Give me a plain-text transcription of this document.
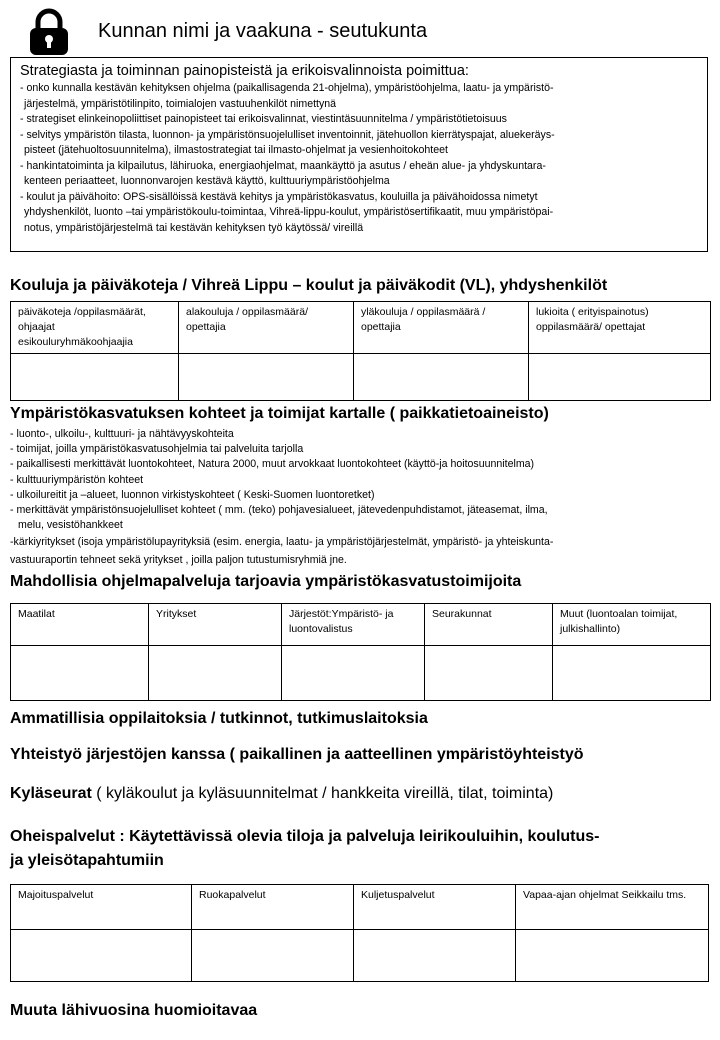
Kunnan nimi ja vaakuna - seutukunta
Strategiasta ja toiminnan painopisteistä ja erikoisvalinnoista poimittua:
- onko kunnalla kestävän kehityksen ohjelma (paikallisagenda 21-ohjelma), ympäristöohjelma, laatu- ja ympäristö-
järjestelmä, ympäristötilinpito, toimialojen vastuuhenkilöt nimettynä
- strategiset elinkeinopoliittiset painopisteet tai erikoisvalinnat, viestintäsuunnitelma / ympäristötietoisuus
- selvitys ympäristön tilasta, luonnon- ja ympäristönsuojelulliset inventoinnit, jätehuollon kierrätyspajat, aluekeräys-
pisteet (jätehuoltosuunnitelma), ilmastostrategiat tai ilmasto-ohjelmat ja vesienhoitokohteet
- hankintatoiminta ja kilpailutus, lähiruoka, energiaohjelmat, maankäyttö ja asutus / eheän alue- ja yhdyskuntara-
kenteen periaatteet, luonnonvarojen kestävä käyttö, kulttuuriympäristöohjelma
- koulut ja päivähoito: OPS-sisällöissä kestävä kehitys ja ympäristökasvatus, kouluilla ja päivähoidossa nimetyt
yhdyshenkilöt, luonto –tai ympäristökoulu-toimintaa, Vihreä-lippu-koulut, ympäristösertifikaatit, muu ympäristöpai-
notus, ympäristöjärjestelmä tai kestävän kehityksen työ käytössä/ vireillä
Kouluja ja päiväkoteja / Vihreä Lippu – koulut ja päiväkodit (VL), yhdyshenkilöt
päiväkoteja /oppilasmäärät, ohjaajat esikouluryhmäkoohjaajia	alakouluja / oppilasmäärä/ opettajia	yläkouluja / oppilasmäärä / opettajia	lukioita ( erityispainotus) oppilasmäärä/ opettajat

Ympäristökasvatuksen kohteet ja toimijat kartalle ( paikkatietoaineisto)
- luonto-, ulkoilu-, kulttuuri- ja nähtävyyskohteita
- toimijat, joilla ympäristökasvatusohjelmia tai palveluita tarjolla
- paikallisesti merkittävät luontokohteet, Natura 2000, muut arvokkaat luontokohteet (käyttö-ja hoitosuunnitelma)
- kulttuuriympäristön kohteet
- ulkoilureitit ja –alueet, luonnon virkistyskohteet ( Keski-Suomen luontoretket)
- merkittävät ympäristönsuojelulliset kohteet ( mm. (teko) pohjavesialueet, jätevedenpuhdistamot, jäteasemat, ilma,
melu, vesistöhankkeet
-kärkiyritykset (isoja ympäristölupayrityksiä (esim. energia, laatu- ja ympäristöjärjestelmät, ympäristö- ja yhteiskunta-
vastuuraportin tehneet sekä yritykset , joilla paljon tutustumisryhmiä jne.
Mahdollisia ohjelmapalveluja tarjoavia ympäristökasvatustoimijoita
Maatilat	Yritykset	Järjestöt:Ympäristö- ja luontovalistus	Seurakunnat	Muut (luontoalan toimijat, julkishallinto)

Ammatillisia oppilaitoksia / tutkinnot, tutkimuslaitoksia
Yhteistyö järjestöjen kanssa ( paikallinen ja aatteellinen ympäristöyhteistyö
Kyläseurat ( kyläkoulut ja kyläsuunnitelmat / hankkeita vireillä, tilat, toiminta)
Oheispalvelut : Käytettävissä olevia tiloja ja palveluja leirikouluihin, koulutus-
ja yleisötapahtumiin
Majoituspalvelut	Ruokapalvelut	Kuljetuspalvelut	Vapaa-ajan ohjelmat Seikkailu tms.

Muuta lähivuosina huomioitavaa
